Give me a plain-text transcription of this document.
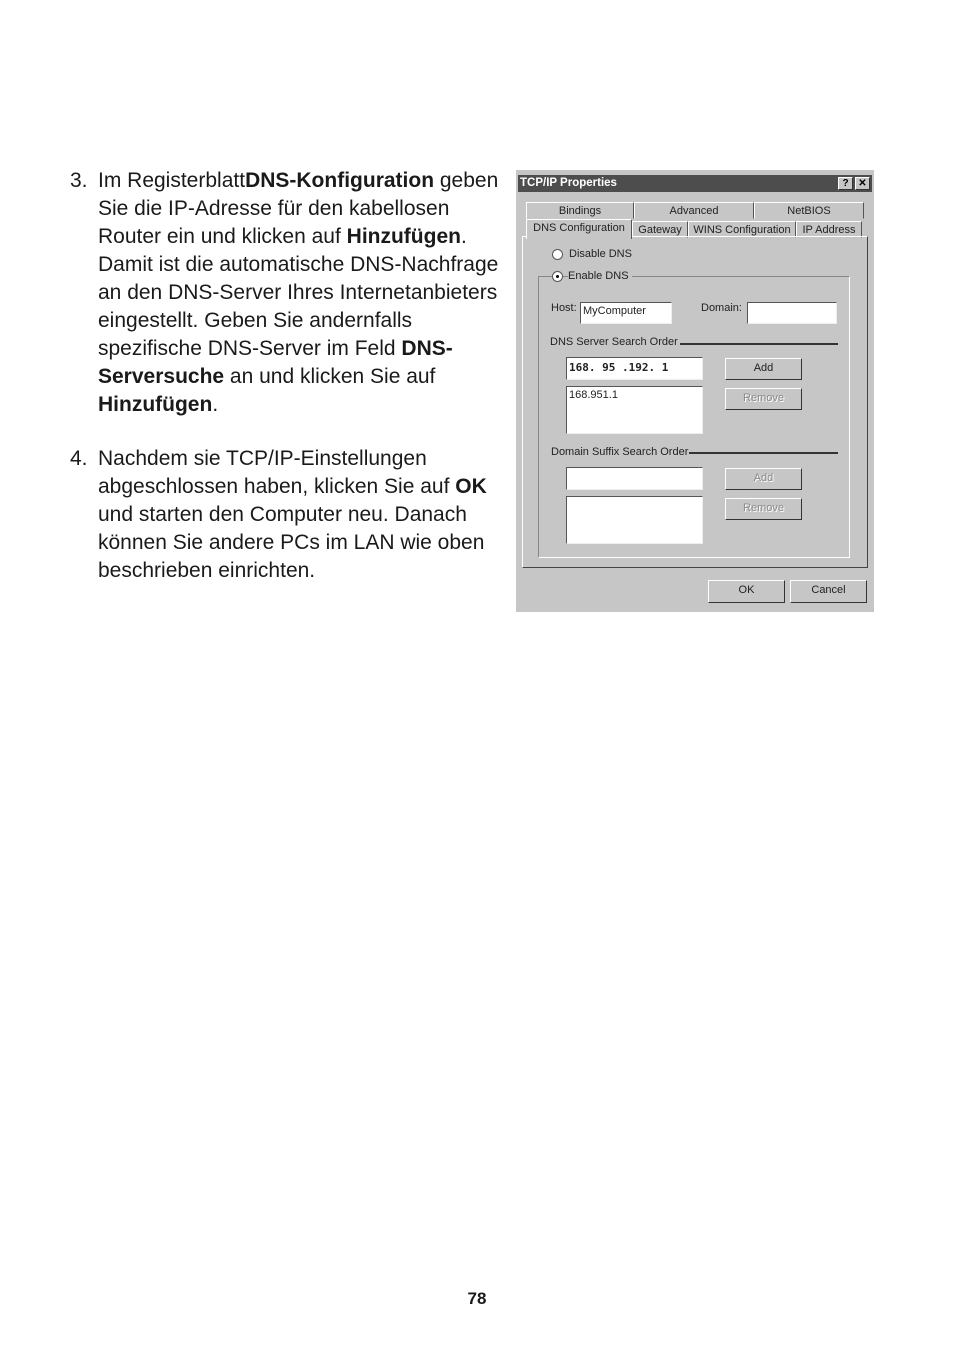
3. Im RegisterblattDNS-Konfiguration geben Sie die IP-Adresse für den kabellosen Router ein und klicken auf Hinzufügen. Damit ist die automatische DNS-Nachfrage an den DNS-Server Ihres Internetanbieters eingestellt. Geben Sie andernfalls spezifische DNS-Server im Feld DNS-Serversuche an und klicken Sie auf Hinzufügen.
4. Nachdem sie TCP/IP-Einstellungen abgeschlossen haben, klicken Sie auf OK und starten den Computer neu. Danach können Sie andere PCs im LAN wie oben beschrieben einrichten.
TCP/IP Properties	? ✕
Bindings	Advanced	NetBIOS
DNS Configuration	Gateway	WINS Configuration	IP Address
Disable DNS
Enable DNS
Host: MyComputer	Domain:
DNS Server Search Order
168. 95 .192. 1	Add
168.951.1	Remove
Domain Suffix Search Order
Add
Remove
OK	Cancel
78
